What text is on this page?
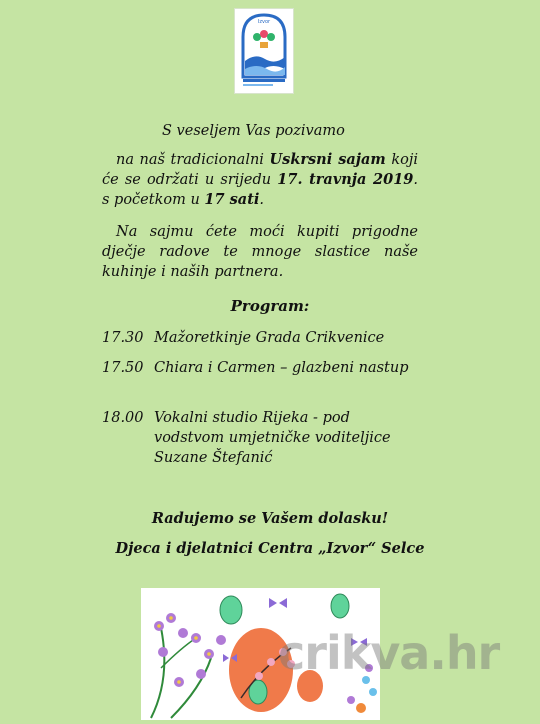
Izvor
S veseljem Vas pozivamo
na naš tradicionalni Uskrsni sajam koji će se održati u srijedu 17. travnja 2019. s početkom u 17 sati.
Na sajmu ćete moći kupiti prigodne dječje radove te mnoge slastice naše kuhinje i naših partnera.
Program:
17.30 Mažoretkinje Grada Crikvenice
17.50 Chiara i Carmen – glazbeni nastup
18.00 Vokalni studio Rijeka - pod vodstvom umjetničke voditeljice Suzane Štefanić
Radujemo se Vašem dolasku!
Djeca i djelatnici Centra „Izvor“ Selce
crikva.hr
